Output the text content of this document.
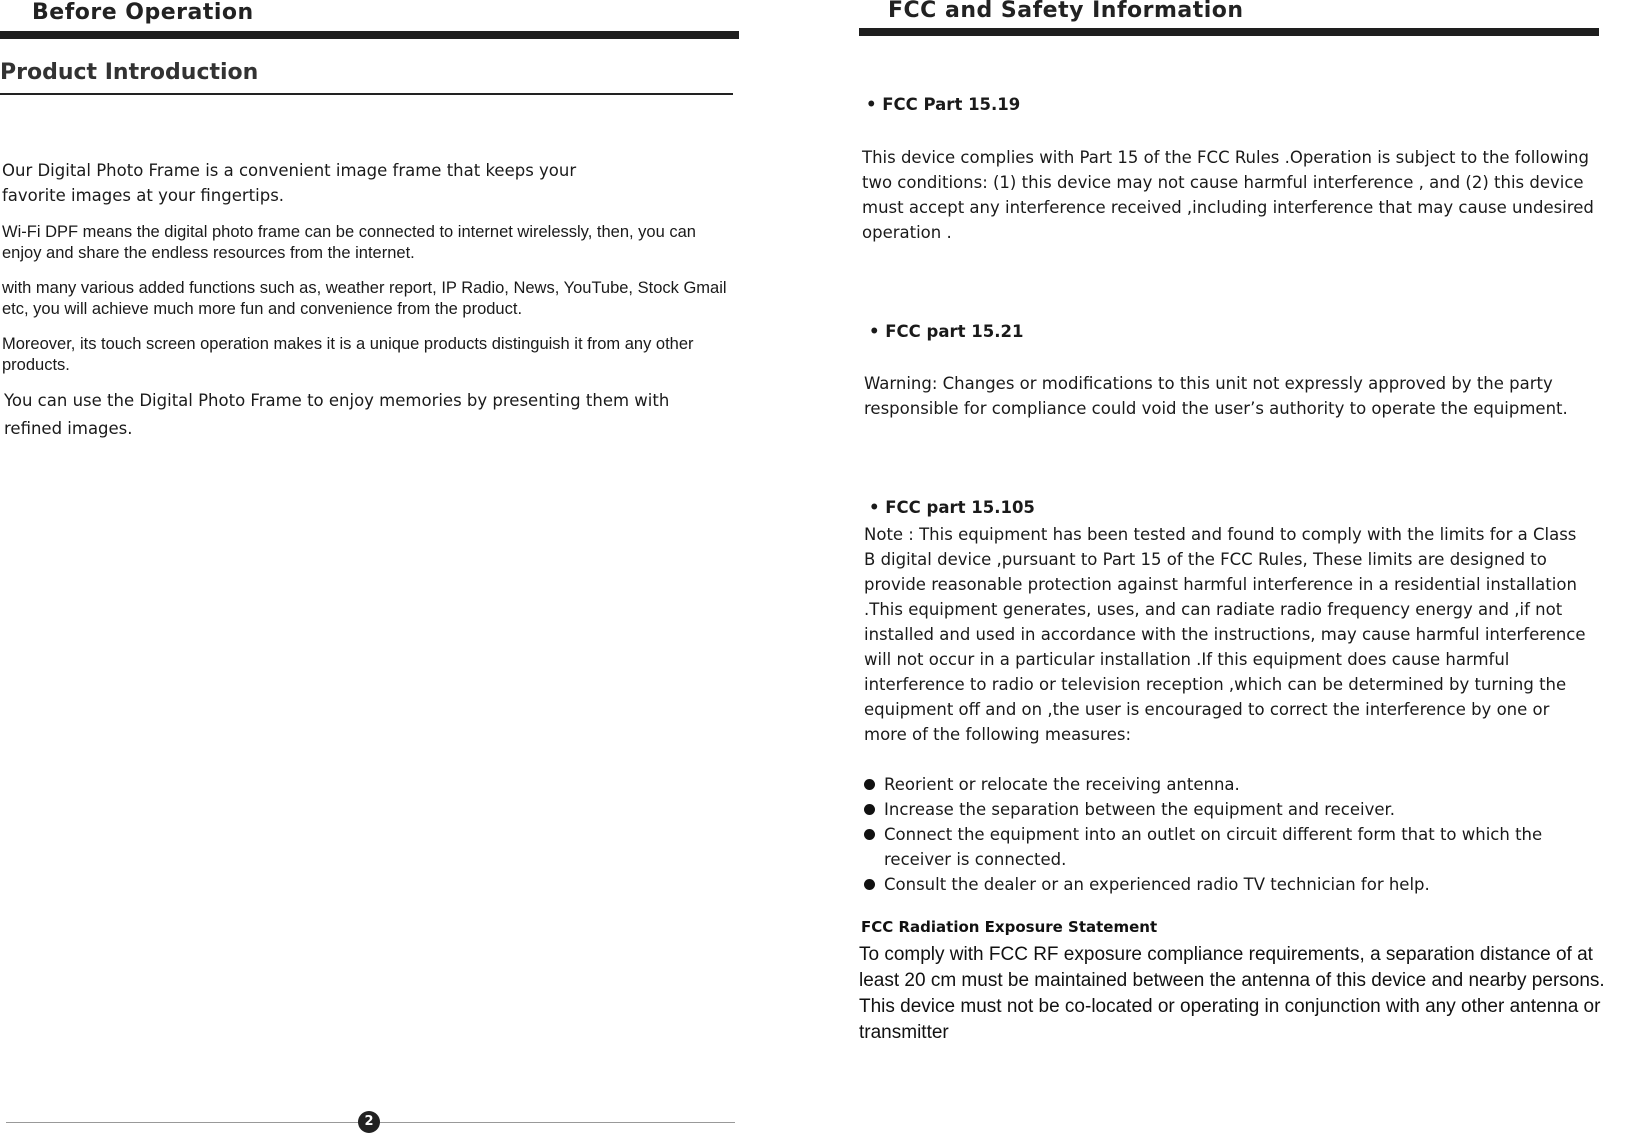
Before Operation
Product Introduction
Our Digital Photo Frame is a convenient image frame that keeps your favorite images at your fingertips.
Wi-Fi DPF means the digital photo frame can be connected to internet wirelessly, then, you can enjoy and share the endless resources from the internet.
with many various added functions such as, weather report, IP Radio, News, YouTube, Stock Gmail etc, you will achieve much more fun and convenience from the product.
Moreover, its touch screen operation makes it is a unique products distinguish it from any other products.
You can use the Digital Photo Frame to enjoy memories by presenting them with refined images.
2
FCC and Safety Information
• FCC Part 15.19
This device complies with Part 15 of the FCC Rules .Operation is subject to the following two conditions: (1) this device may not cause harmful interference , and (2) this device must accept any interference received ,including interference that may cause undesired operation .
• FCC part 15.21
Warning: Changes or modifications to this unit not expressly approved by the party responsible for compliance could void the user’s authority to operate the equipment.
• FCC part 15.105
Note : This equipment has been tested and found to comply with the limits for a Class B digital device ,pursuant to Part 15 of the FCC Rules, These limits are designed to provide reasonable protection against harmful interference in a residential installation .This equipment generates, uses, and can radiate radio frequency energy and ,if not installed and used in accordance with the instructions, may cause harmful interference will not occur in a particular installation .If this equipment does cause harmful interference to radio or television reception ,which can be determined by turning the equipment off and on ,the user is encouraged to correct the interference by one or more of the following measures:
Reorient or relocate the receiving antenna.
Increase the separation between the equipment and receiver.
Connect the equipment into an outlet on circuit different form that to which the receiver is connected.
Consult the dealer or an experienced radio TV technician for help.
FCC Radiation Exposure Statement
To comply with FCC RF exposure compliance requirements, a separation distance of at least 20 cm must be maintained between the antenna of this device and nearby persons. This device must not be co-located or operating in conjunction with any other antenna or transmitter
